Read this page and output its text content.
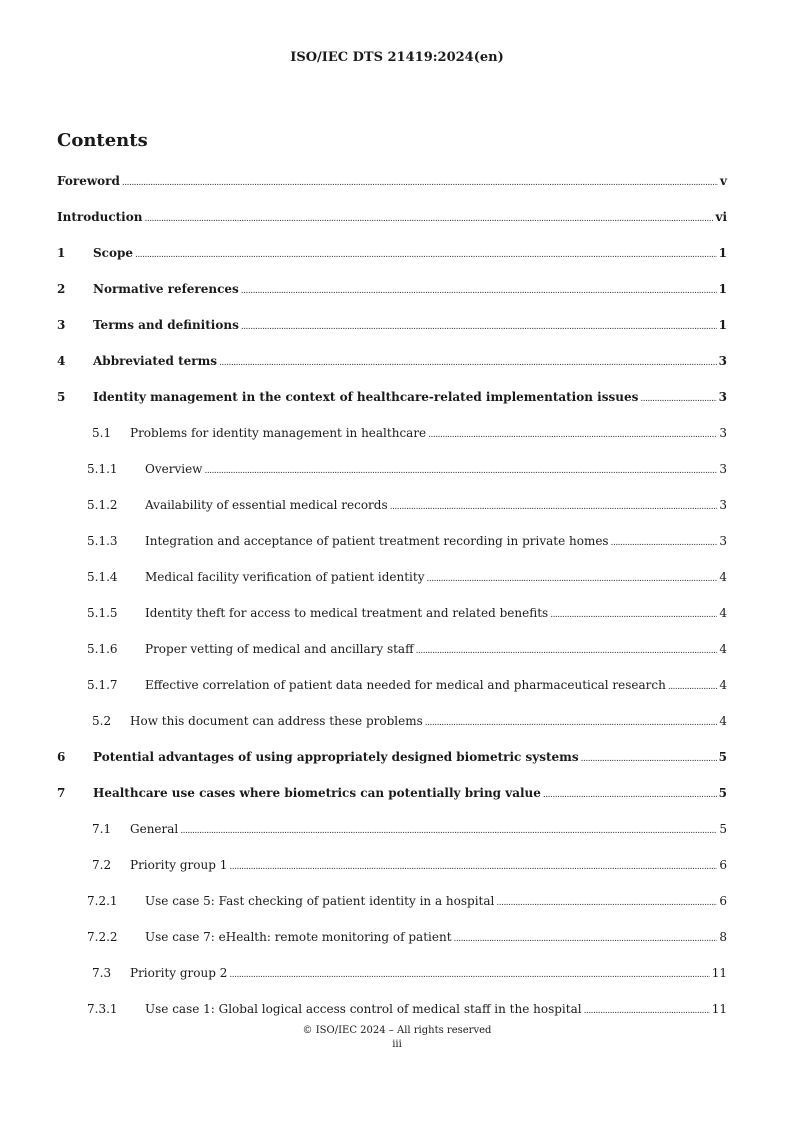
ISO/IEC DTS 21419:2024(en)
Contents
Foreword .....	v
Introduction .....	vi
1 Scope .....	1
2 Normative references .....	1
3 Terms and definitions .....	1
4 Abbreviated terms .....	3
5 Identity management in the context of healthcare-related implementation issues .....	3
5.1 Problems for identity management in healthcare .....	3
5.1.1 Overview .....	3
5.1.2 Availability of essential medical records .....	3
5.1.3 Integration and acceptance of patient treatment recording in private homes .....	3
5.1.4 Medical facility verification of patient identity .....	4
5.1.5 Identity theft for access to medical treatment and related benefits .....	4
5.1.6 Proper vetting of medical and ancillary staff .....	4
5.1.7 Effective correlation of patient data needed for medical and pharmaceutical research .....	4
5.2 How this document can address these problems .....	4
6 Potential advantages of using appropriately designed biometric systems .....	5
7 Healthcare use cases where biometrics can potentially bring value .....	5
7.1 General .....	5
7.2 Priority group 1 .....	6
7.2.1 Use case 5: Fast checking of patient identity in a hospital .....	6
7.2.2 Use case 7: eHealth: remote monitoring of patient .....	8
7.3 Priority group 2 .....	11
7.3.1 Use case 1: Global logical access control of medical staff in the hospital .....	11
© ISO/IEC 2024 – All rights reserved
iii
